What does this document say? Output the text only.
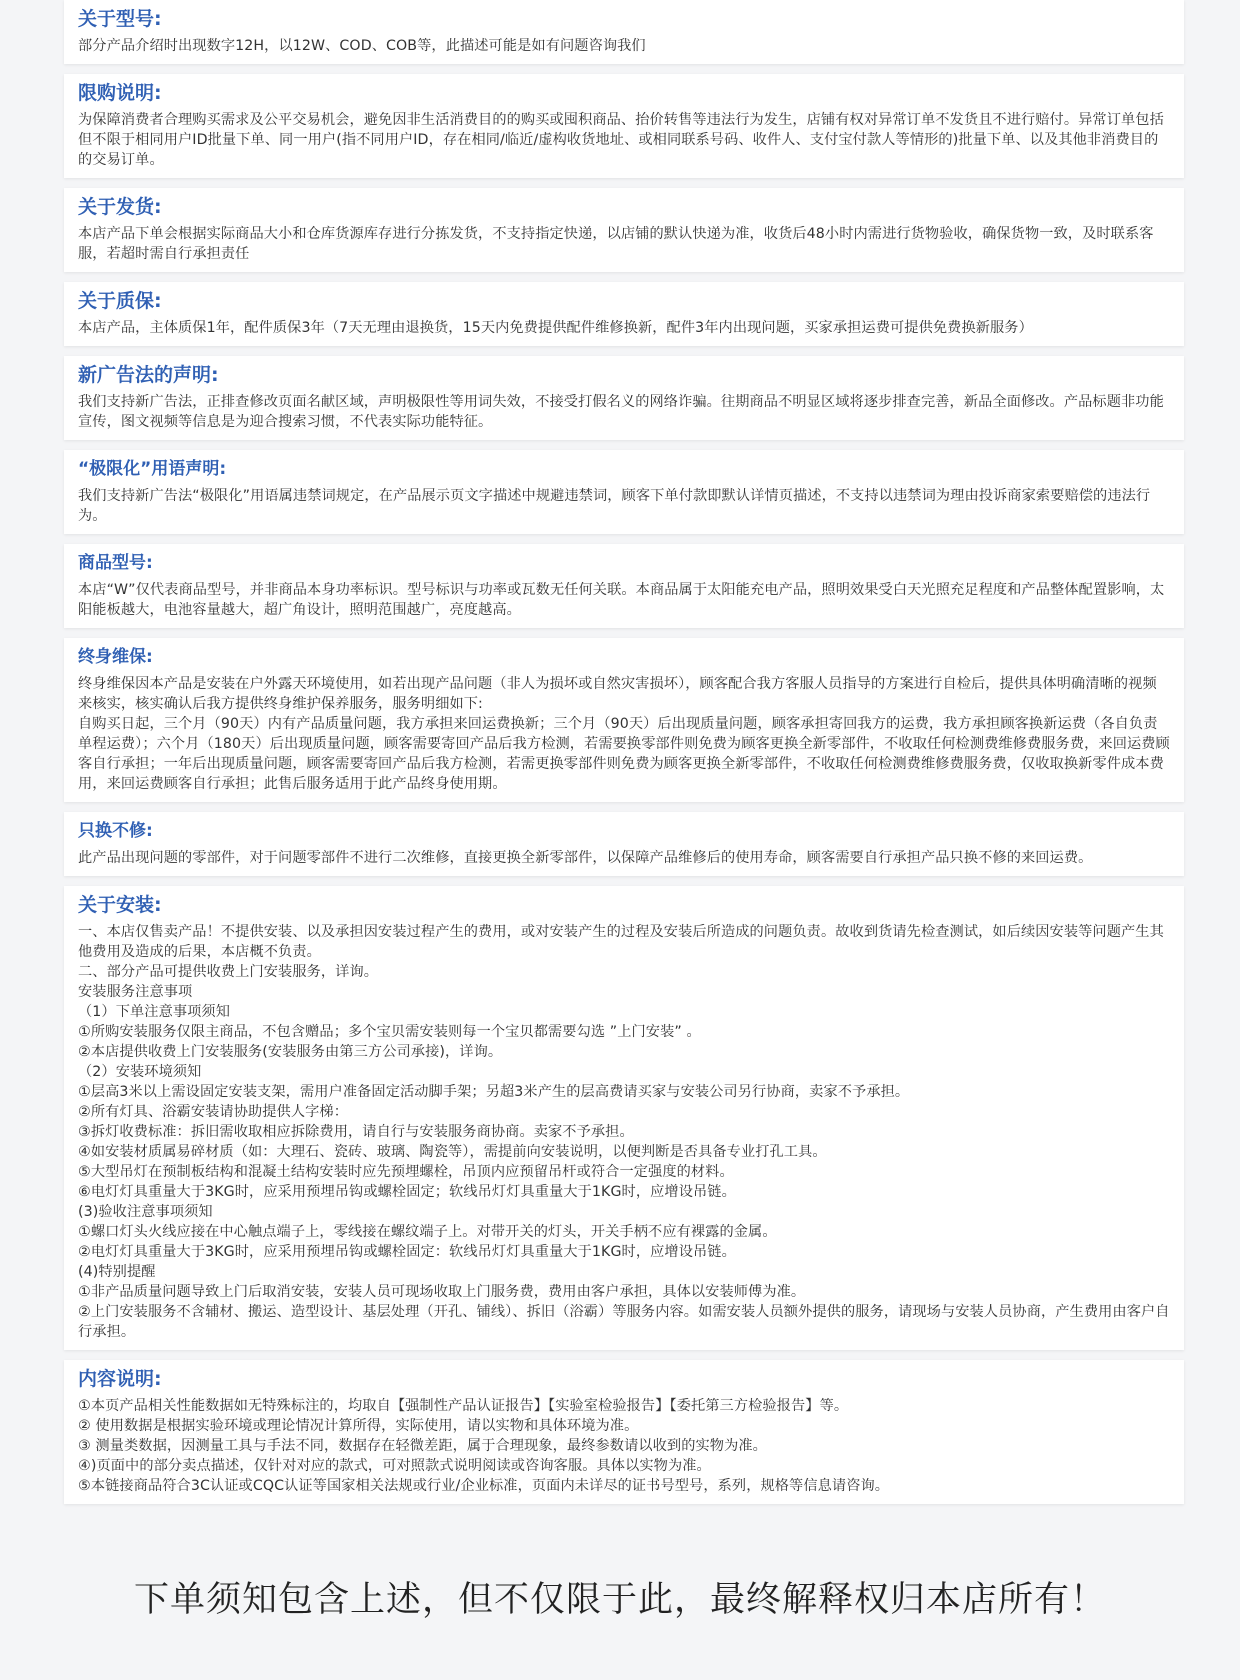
关于型号:

部分产品介绍时出现数字12H，以12W、COD、COB等，此描述可能是如有问题咨询我们

限购说明:

为保障消费者合理购买需求及公平交易机会，避免因非生活消费目的的购买或囤积商品、抬价转售等违法行为发生，店铺有权对异常订单不发货且不进行赔付。异常订单包括但不限于相同用户ID批量下单、同一用户(指不同用户ID，存在相同/临近/虚构收货地址、或相同联系号码、收件人、支付宝付款人等情形的)批量下单、以及其他非消费目的的交易订单。

关于发货:

本店产品下单会根据实际商品大小和仓库货源库存进行分拣发货，不支持指定快递，以店铺的默认快递为准，收货后48小时内需进行货物验收，确保货物一致，及时联系客服，若超时需自行承担责任

关于质保:

本店产品，主体质保1年，配件质保3年（7天无理由退换货，15天内免费提供配件维修换新，配件3年内出现问题，买家承担运费可提供免费换新服务）

新广告法的声明:

我们支持新广告法，正排查修改页面名献区域，声明极限性等用词失效，不接受打假名义的网络诈骗。往期商品不明显区域将逐步排查完善，新品全面修改。产品标题非功能宣传，图文视频等信息是为迎合搜索习惯，不代表实际功能特征。

“极限化”用语声明:

我们支持新广告法“极限化”用语属违禁词规定，在产品展示页文字描述中规避违禁词，顾客下单付款即默认详情页描述，不支持以违禁词为理由投诉商家索要赔偿的违法行为。

商品型号:

本店“W”仅代表商品型号，并非商品本身功率标识。型号标识与功率或瓦数无任何关联。本商品属于太阳能充电产品，照明效果受白天光照充足程度和产品整体配置影响，太阳能板越大，电池容量越大，超广角设计，照明范围越广，亮度越高。

终身维保:

终身维保因本产品是安装在户外露天环境使用，如若出现产品问题（非人为损坏或自然灾害损坏），顾客配合我方客服人员指导的方案进行自检后，提供具体明确清晰的视频来核实，核实确认后我方提供终身维护保养服务，服务明细如下:

自购买日起，三个月（90天）内有产品质量问题，我方承担来回运费换新；三个月（90天）后出现质量问题，顾客承担寄回我方的运费，我方承担顾客换新运费（各自负责单程运费）；六个月（180天）后出现质量问题，顾客需要寄回产品后我方检测，若需要换零部件则免费为顾客更换全新零部件，不收取任何检测费维修费服务费，来回运费顾客自行承担；一年后出现质量问题，顾客需要寄回产品后我方检测，若需更换零部件则免费为顾客更换全新零部件，不收取任何检测费维修费服务费，仅收取换新零件成本费用，来回运费顾客自行承担；此售后服务适用于此产品终身使用期。

只换不修:

此产品出现问题的零部件，对于问题零部件不进行二次维修，直接更换全新零部件，以保障产品维修后的使用寿命，顾客需要自行承担产品只换不修的来回运费。

关于安装:

一、本店仅售卖产品！不提供安装、以及承担因安装过程产生的费用，或对安装产生的过程及安装后所造成的问题负责。故收到货请先检查测试，如后续因安装等问题产生其他费用及造成的后果，本店概不负责。

二、部分产品可提供收费上门安装服务，详询。

安装服务注意事项

（1）下单注意事项须知

①所购安装服务仅限主商品，不包含赠品；多个宝贝需安装则每一个宝贝都需要勾选 ”上门安装” 。

②本店提供收费上门安装服务(安装服务由第三方公司承接)，详询。

（2）安装环境须知

①层高3米以上需设固定安装支架，需用户准备固定活动脚手架；另超3米产生的层高费请买家与安装公司另行协商，卖家不予承担。

②所有灯具、浴霸安装请协助提供人字梯：

③拆灯收费标准：拆旧需收取相应拆除费用，请自行与安装服务商协商。卖家不予承担。

④如安装材质属易碎材质（如：大理石、瓷砖、玻璃、陶瓷等），需提前向安装说明，以便判断是否具备专业打孔工具。

⑤大型吊灯在预制板结构和混凝土结构安装时应先预埋螺栓，吊顶内应预留吊杆或符合一定强度的材料。

⑥电灯灯具重量大于3KG时，应采用预埋吊钩或螺栓固定；软线吊灯灯具重量大于1KG时，应增设吊链。

(3)验收注意事项须知

①螺口灯头火线应接在中心触点端子上，零线接在螺纹端子上。对带开关的灯头，开关手柄不应有裸露的金属。

②电灯灯具重量大于3KG时，应采用预埋吊钩或螺栓固定：软线吊灯灯具重量大于1KG时，应增设吊链。

(4)特别提醒

①非产品质量问题导致上门后取消安装，安装人员可现场收取上门服务费，费用由客户承担，具体以安装师傅为准。

②上门安装服务不含辅材、搬运、造型设计、基层处理（开孔、铺线）、拆旧（浴霸）等服务内容。如需安装人员额外提供的服务，请现场与安装人员协商，产生费用由客户自行承担。

内容说明:

①本页产品相关性能数据如无特殊标注的，均取自【强制性产品认证报告】【实验室检验报告】【委托第三方检验报告】等。

② 使用数据是根据实验环境或理论情况计算所得，实际使用，请以实物和具体环境为准。

③ 测量类数据，因测量工具与手法不同，数据存在轻微差距，属于合理现象，最终参数请以收到的实物为准。

④)页面中的部分卖点描述，仅针对对应的款式，可对照款式说明阅读或咨询客服。具体以实物为准。

⑤本链接商品符合3C认证或CQC认证等国家相关法规或行业/企业标准，页面内未详尽的证书号型号，系列，规格等信息请咨询。

下单须知包含上述，但不仅限于此，最终解释权归本店所有！
